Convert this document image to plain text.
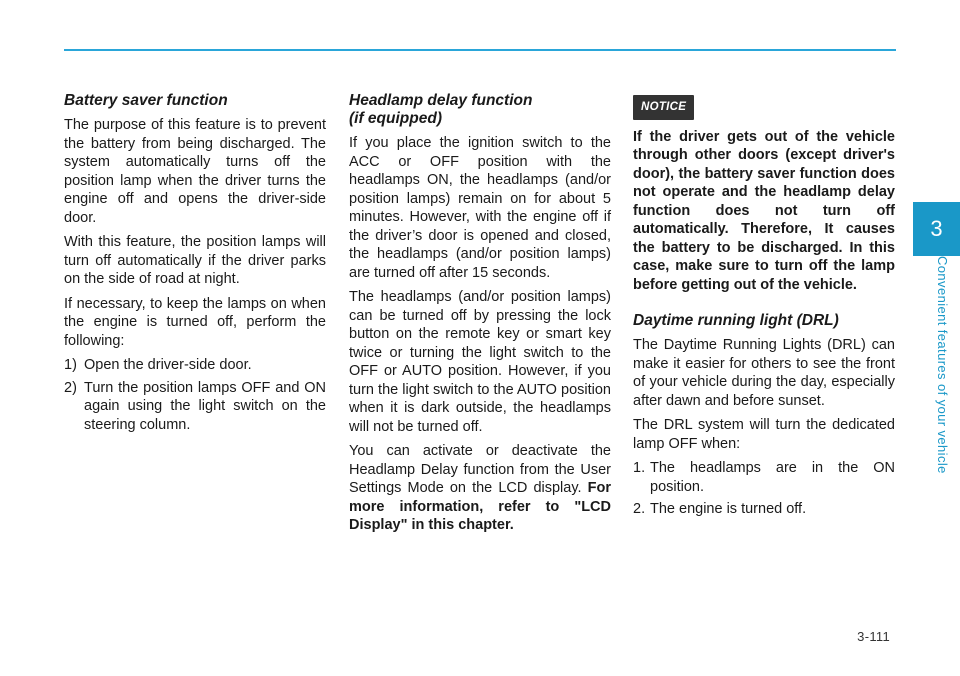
3
Convenient features of your vehicle
Battery saver function

The purpose of this feature is to prevent the battery from being discharged. The system automatically turns off the position lamp when the driver turns the engine off and opens the driver-side door.

With this feature, the position lamps will turn off automatically if the driver parks on the side of road at night.

If necessary, to keep the lamps on when the engine is turned off, perform the following:

1) Open the driver-side door.
2) Turn the position lamps OFF and ON again using the light switch on the steering column.
Headlamp delay function
(if equipped)

If you place the ignition switch to the ACC or OFF position with the headlamps ON, the headlamps (and/or position lamps) remain on for about 5 minutes. However, with the engine off if the driver’s door is opened and closed, the headlamps (and/or position lamps) are turned off after 15 seconds.

The headlamps (and/or position lamps) can be turned off by pressing the lock button on the remote key or smart key twice or turning the light switch to the OFF or AUTO position. However, if you turn the light switch to the AUTO position when it is dark outside, the headlamps will not be turned off.

You can activate or deactivate the Headlamp Delay function from the User Settings Mode on the LCD display. For more information, refer to "LCD Display" in this chapter.

NOTICE

If the driver gets out of the vehicle through other doors (except driver's door), the battery saver function does not operate and the headlamp delay function does not turn off automatically. Therefore, It causes the battery to be discharged. In this case, make sure to turn off the lamp before getting out of the vehicle.

Daytime running light (DRL)

The Daytime Running Lights (DRL) can make it easier for others to see the front of your vehicle during the day, especially after dawn and before sunset.

The DRL system will turn the dedicated lamp OFF when:

1. The headlamps are in the ON position.
2. The engine is turned off.
3-111
